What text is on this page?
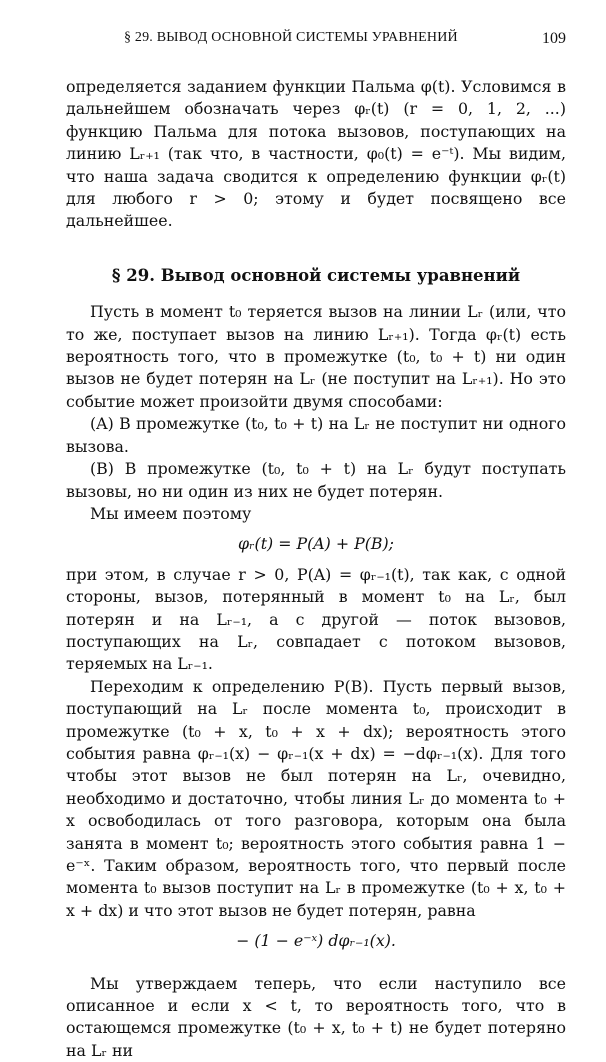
§ 29. ВЫВОД ОСНОВНОЙ СИСТЕМЫ УРАВНЕНИЙ	109

определяется заданием функции Пальма φ(t). Условимся в дальнейшем обозначать через φᵣ(t) (r = 0, 1, 2, ...) функцию Пальма для потока вызовов, поступающих на линию Lᵣ₊₁ (так что, в частности, φ₀(t) = e⁻ᵗ). Мы видим, что наша задача сводится к определению функции φᵣ(t) для любого r > 0; этому и будет посвящено все дальнейшее.

§ 29. Вывод основной системы уравнений

Пусть в момент t₀ теряется вызов на линии Lᵣ (или, что то же, поступает вызов на линию Lᵣ₊₁). Тогда φᵣ(t) есть вероятность того, что в промежутке (t₀, t₀ + t) ни один вызов не будет потерян на Lᵣ (не поступит на Lᵣ₊₁). Но это событие может произойти двумя способами:

(A) В промежутке (t₀, t₀ + t) на Lᵣ не поступит ни одного вызова.

(B) В промежутке (t₀, t₀ + t) на Lᵣ будут поступать вызовы, но ни один из них не будет потерян.

Мы имеем поэтому

φᵣ(t) = P(A) + P(B);

при этом, в случае r > 0, P(A) = φᵣ₋₁(t), так как, с одной стороны, вызов, потерянный в момент t₀ на Lᵣ, был потерян и на Lᵣ₋₁, а с другой — поток вызовов, поступающих на Lᵣ, совпадает с потоком вызовов, теряемых на Lᵣ₋₁.

Переходим к определению P(B). Пусть первый вызов, поступающий на Lᵣ после момента t₀, происходит в промежутке (t₀ + x, t₀ + x + dx); вероятность этого события равна φᵣ₋₁(x) − φᵣ₋₁(x + dx) = −dφᵣ₋₁(x). Для того чтобы этот вызов не был потерян на Lᵣ, очевидно, необходимо и достаточно, чтобы линия Lᵣ до момента t₀ + x освободилась от того разговора, которым она была занята в момент t₀; вероятность этого события равна 1 − e⁻ˣ. Таким образом, вероятность того, что первый после момента t₀ вызов поступит на Lᵣ в промежутке (t₀ + x, t₀ + x + dx) и что этот вызов не будет потерян, равна

− (1 − e⁻ˣ) dφᵣ₋₁(x).

Мы утверждаем теперь, что если наступило все описанное и если x < t, то вероятность того, что в остающемся промежутке (t₀ + x, t₀ + t) не будет потеряно на Lᵣ ни
